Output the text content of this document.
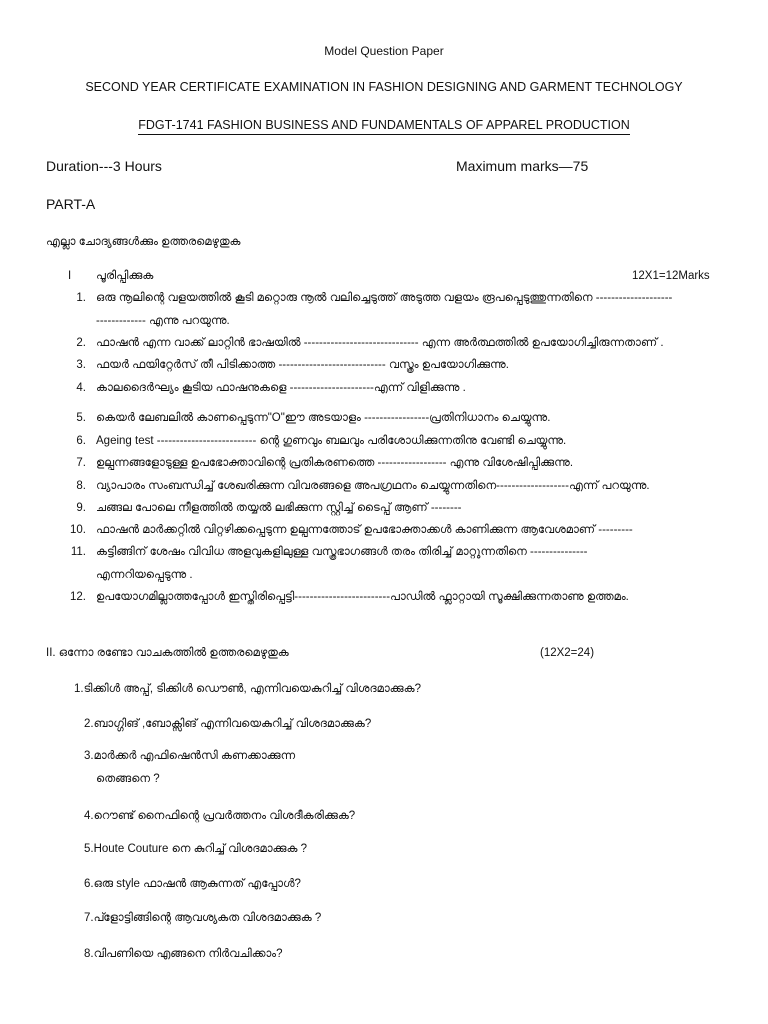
Model Question Paper
SECOND YEAR CERTIFICATE EXAMINATION IN FASHION DESIGNING AND GARMENT TECHNOLOGY
FDGT-1741 FASHION BUSINESS AND FUNDAMENTALS OF APPAREL PRODUCTION
Duration---3 Hours	Maximum marks—75
PART-A
എല്ലാ ചോദ്യങ്ങൾക്കും ഉത്തരമെഴുതുക
I പൂരിപ്പിക്കുക	12X1=12Marks
1. ഒരു നൂലിന്റെ വളയത്തിൽ കൂടി മറ്റൊരു നൂൽ വലിച്ചെടുത്ത് അടുത്ത വളയം രൂപപ്പെടുത്തുന്നതിനെ --------------------
------------- എന്നു പറയുന്നു.
2. ഫാഷൻ എന്ന വാക്ക് ലാറ്റിൻ ഭാഷയിൽ ------------------------------ എന്ന അർത്ഥത്തിൽ ഉപയോഗിച്ചിരുന്നതാണ് .
3. ഫയർ ഫയിറ്റേർസ് തീ പിടിക്കാത്ത ---------------------------- വസ്ത്രം ഉപയോഗിക്കുന്നു.
4. കാലദൈർഘ്യം കൂടിയ ഫാഷനുകളെ ----------------------എന്ന് വിളിക്കുന്നു .
5. കെയർ ലേബലിൽ കാണപ്പെടുന്ന"O"ഈ അടയാളം -----------------പ്രതിനിധാനം ചെയ്യുന്നു.
6. Ageing test -------------------------- ന്റെ ഗുണവും ബലവും പരിശോധിക്കുന്നതിനു വേണ്ടി ചെയ്യുന്നു.
7. ഉല്പന്നങ്ങളോടുള്ള ഉപഭോക്താവിന്റെ പ്രതികരണത്തെ ------------------ എന്നു വിശേഷിപ്പിക്കുന്നു.
8. വ്യാപാരം സംബന്ധിച്ച് ശേഖരിക്കുന്ന വിവരങ്ങളെ അപഗ്രഥനം ചെയ്യുന്നതിനെ-------------------എന്ന് പറയുന്നു.
9. ചങ്ങല പോലെ നീളത്തിൽ തയ്യൽ ലഭിക്കുന്ന സ്റ്റിച്ച് ടൈപ്പ് ആണ് --------
10. ഫാഷൻ മാർക്കറ്റിൽ വിറ്റഴിക്കപ്പെടുന്ന ഉല്പന്നത്തോട് ഉപഭോക്താക്കൾ കാണിക്കുന്ന ആവേശമാണ് ---------
11. കട്ടിങ്ങിന് ശേഷം വിവിധ അളവുകളിലുള്ള വസ്ത്രഭാഗങ്ങൾ തരം തിരിച്ച് മാറ്റുന്നതിനെ ---------------
എന്നറിയപ്പെടുന്നു .
12. ഉപയോഗമില്ലാത്തപ്പോൾ ഇസ്തിരിപ്പെട്ടി-------------------------പാഡിൽ ഫ്ലാറ്റായി സൂക്ഷിക്കുന്നതാണു ഉത്തമം.
II. ഒന്നോ രണ്ടോ വാചകത്തിൽ ഉത്തരമെഴുതുക	(12X2=24)
1.ടിക്കിൾ അപ്പ്, ടിക്കിൾ ഡൌൺ, എന്നിവയെകുറിച്ച് വിശദമാക്കുക?
2.ബാഗ്ഗിങ് ,ബോക്സിങ് എന്നിവയെകുറിച്ച് വിശദമാക്കുക?
3.മാർക്കർ എഫിഷെൻസി കണക്കാക്കുന്ന
തെങ്ങനെ ?
4.റൌണ്ട് നൈഫിന്റെ പ്രവർത്തനം വിശദീകരിക്കുക?
5.Houte Couture നെ കുറിച്ച് വിശദമാക്കുക ?
6.ഒരു style ഫാഷൻ ആകുന്നത് എപ്പോൾ?
7.പ്ളോട്ടിങ്ങിന്റെ ആവശ്യകത വിശദമാക്കുക ?
8.വിപണിയെ എങ്ങനെ നിർവചിക്കാം?
